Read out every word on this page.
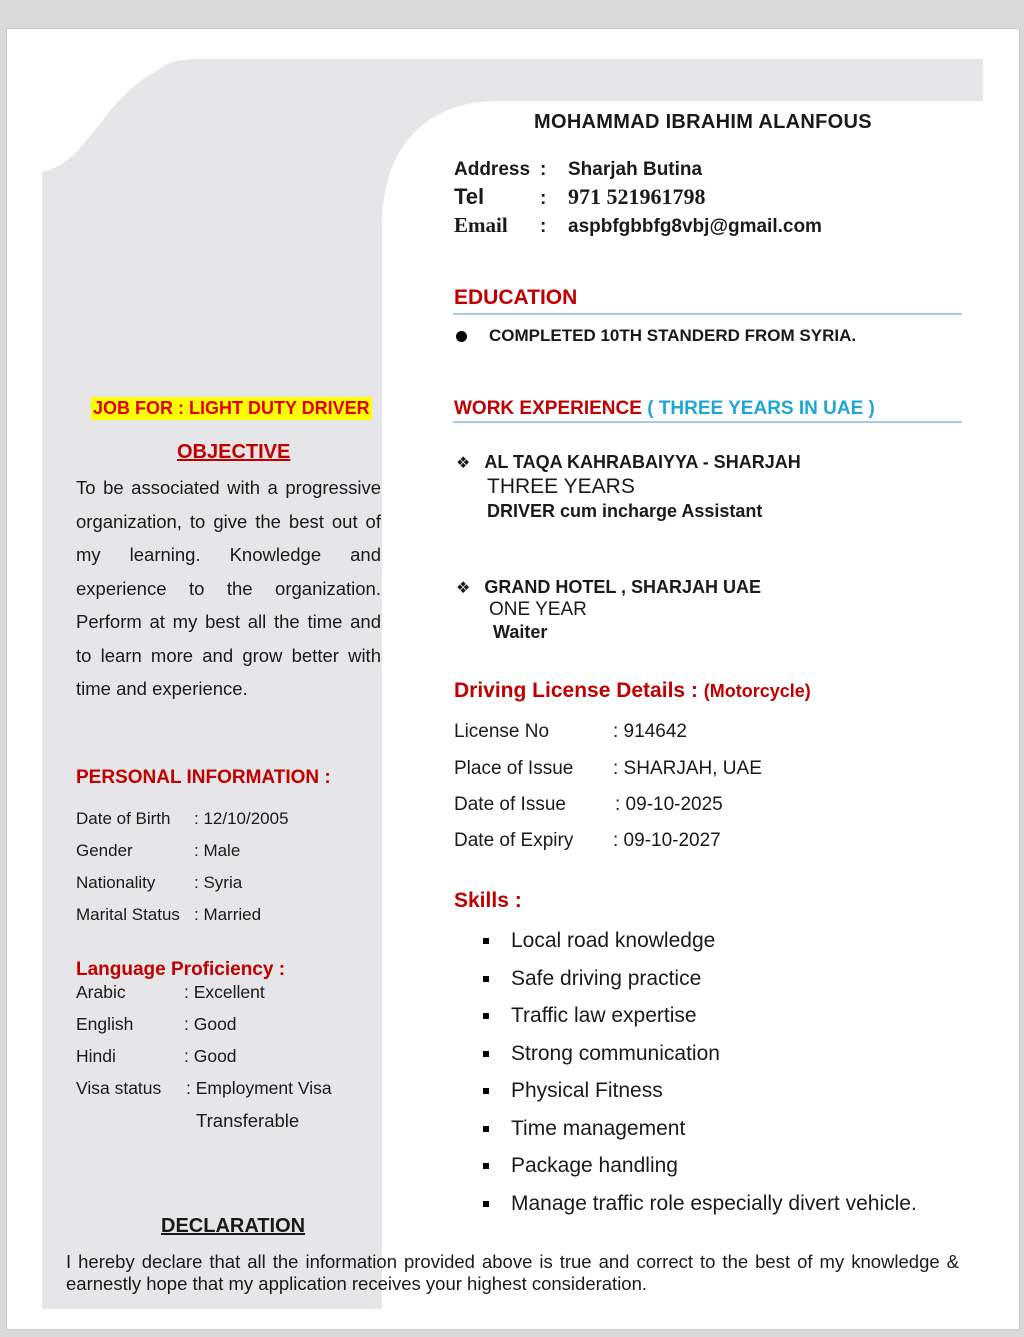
MOHAMMAD IBRAHIM ALANFOUS
Address : Sharjah Butina
Tel	: 971 521961798
Email : aspbfgbbfg8vbj@gmail.com
EDUCATION
COMPLETED 10TH STANDERD FROM SYRIA.
WORK EXPERIENCE ( THREE YEARS IN UAE )
❖ AL TAQA KAHRABAIYYA - SHARJAH
THREE YEARS
DRIVER cum incharge Assistant
❖ GRAND HOTEL , SHARJAH UAE
ONE YEAR
Waiter
Driving License Details : (Motorcycle)
License No	: 914642
Place of Issue : SHARJAH, UAE
Date of Issue	: 09-10-2025
Date of Expiry : 09-10-2027
Skills :
Local road knowledge
Safe driving practice
Traffic law expertise
Strong communication
Physical Fitness
Time management
Package handling
Manage traffic role especially divert vehicle.
JOB FOR : LIGHT DUTY DRIVER
OBJECTIVE
To be associated with a progressive organization, to give the best out of my learning. Knowledge and experience to the organization. Perform at my best all the time and to learn more and grow better with time and experience.
PERSONAL INFORMATION :
Date of Birth : 12/10/2005
Gender	: Male
Nationality : Syria
Marital Status : Married
Language Proficiency :
Arabic	: Excellent
English	: Good
Hindi	: Good
Visa status : Employment Visa
Transferable
DECLARATION
I hereby declare that all the information provided above is true and correct to the best of my knowledge & earnestly hope that my application receives your highest consideration.
